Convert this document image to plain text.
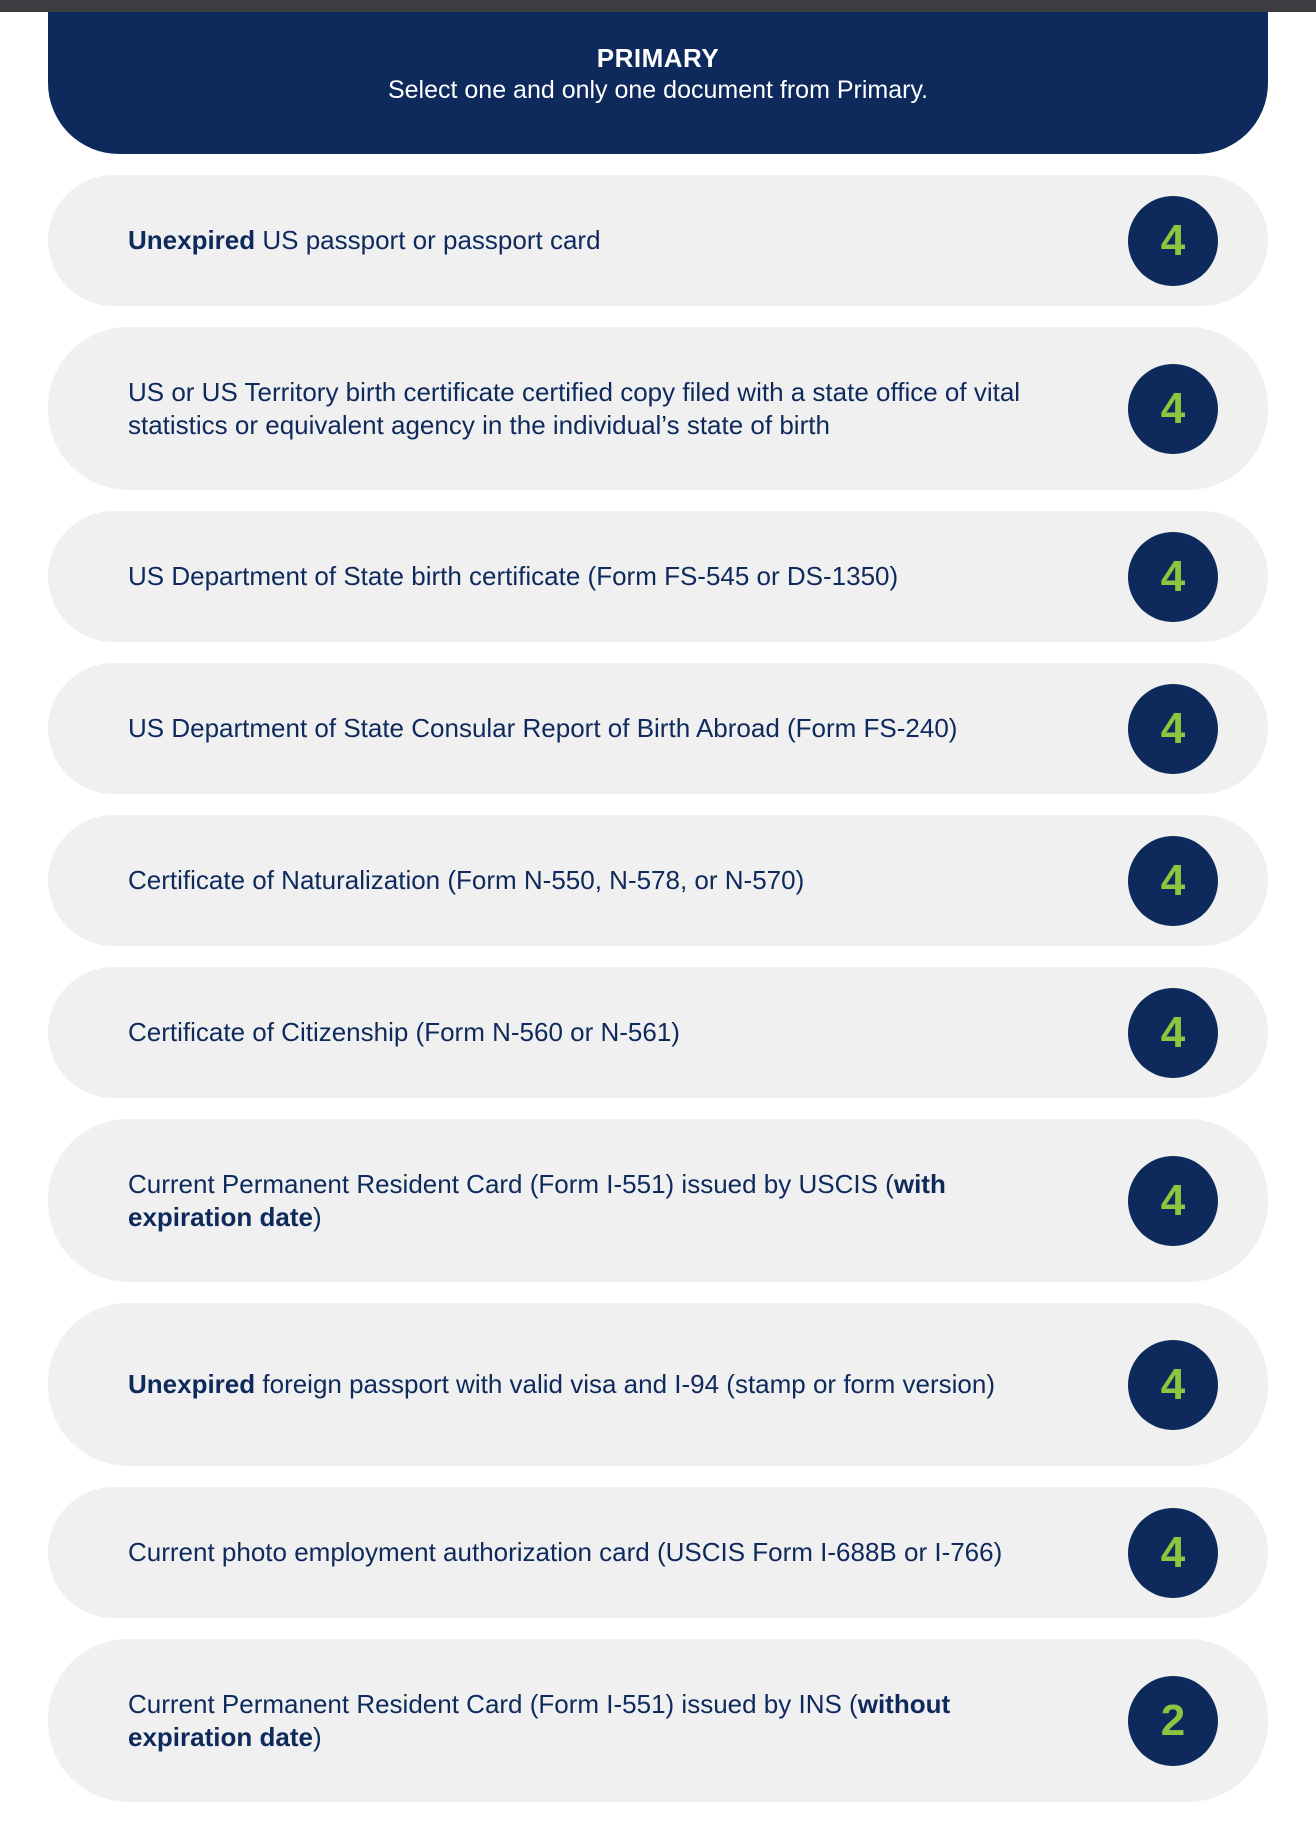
PRIMARY
Select one and only one document from Primary.
Unexpired US passport or passport card	4
US or US Territory birth certificate certified copy filed with a state office of vital statistics or equivalent agency in the individual’s state of birth	4
US Department of State birth certificate (Form FS-545 or DS-1350)	4
US Department of State Consular Report of Birth Abroad (Form FS-240)	4
Certificate of Naturalization (Form N-550, N-578, or N-570)	4
Certificate of Citizenship (Form N-560 or N-561)	4
Current Permanent Resident Card (Form I-551) issued by USCIS (with expiration date)	4
Unexpired foreign passport with valid visa and I-94 (stamp or form version)	4
Current photo employment authorization card (USCIS Form I-688B or I-766)	4
Current Permanent Resident Card (Form I-551) issued by INS (without expiration date)	2
